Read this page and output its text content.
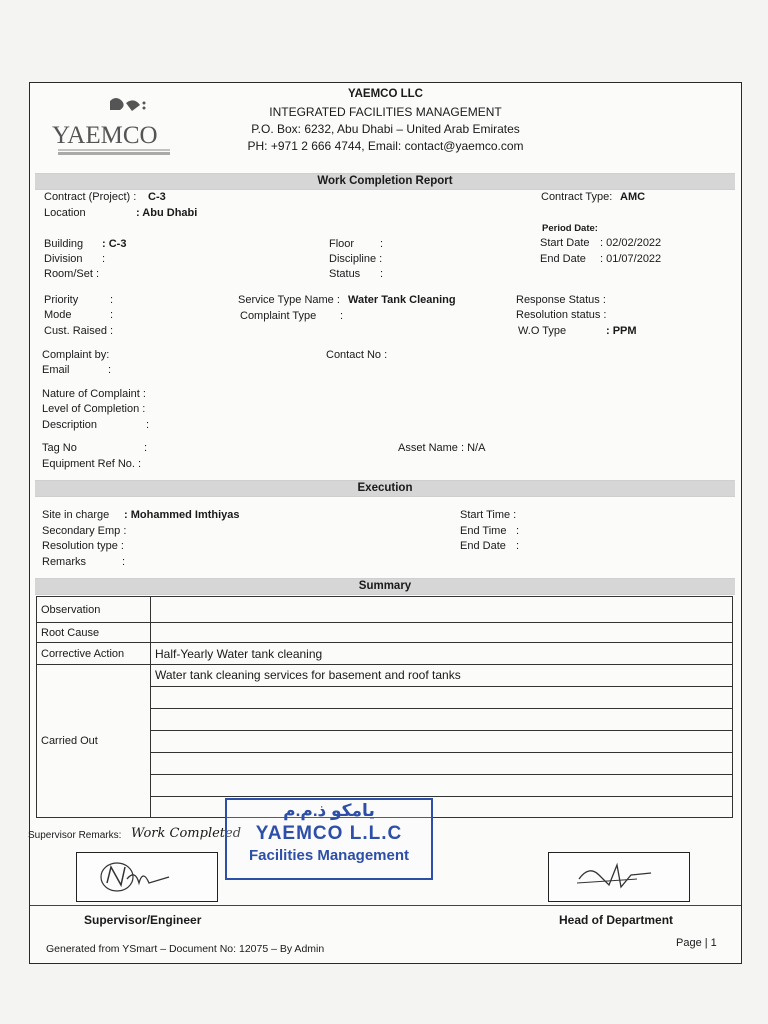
YAEMCO
YAEMCO LLC
INTEGRATED FACILITIES MANAGEMENT
P.O. Box: 6232, Abu Dhabi – United Arab Emirates
PH: +971 2 666 4744, Email: contact@yaemco.com
Work Completion Report
Contract (Project) : C-3
Location	: Abu Dhabi
Contract Type: AMC
Period Date:
Start Date : 02/02/2022
End Date : 01/07/2022
Building : C-3
Division :
Room/Set :
Floor :
Discipline :
Status :
Priority	:
Mode	:
Cust. Raised :
Service Type Name : Water Tank Cleaning
Complaint Type :
Response Status :
Resolution status :
W.O Type	: PPM
Complaint by:
Email	:
Contact No :
Nature of Complaint :
Level of Completion :
Description	:
Tag No	:
Equipment Ref No. :
Asset Name : N/A
Execution
Site in charge : Mohammed Imthiyas
Secondary Emp :
Resolution type :
Remarks	:
Start Time :
End Time :
End Date :
Summary
Observation	
Root Cause	
Corrective Action	Half-Yearly Water tank cleaning
Carried Out	Water tank cleaning services for basement and roof tanks
Supervisor Remarks: Work Completed
Supervisor/Engineer	Head of Department
Generated from YSmart – Document No: 12075 – By Admin	Page | 1
يامكو ذ.م.م
YAEMCO L.L.C
Facilities Management
